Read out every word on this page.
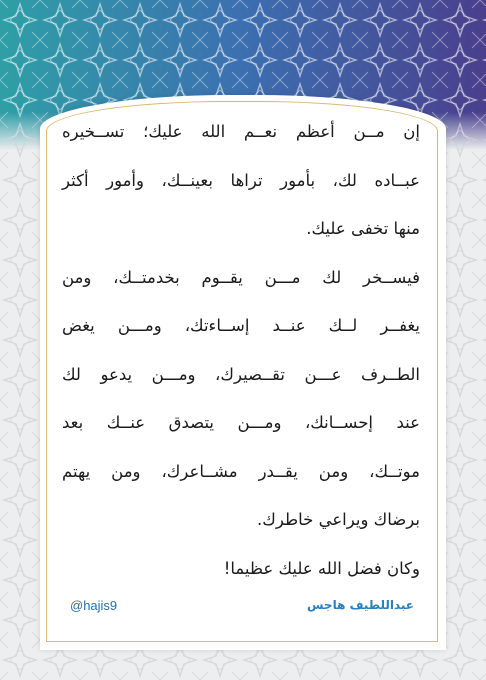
إن مــن أعظم نعــم الله عليك؛ تســخيره
عبــاده لك، بأمور تراها بعينــك، وأمور أكثر
منها تخفى عليك.
فيســخر لك مـــن يقــوم بخدمتــك، ومن
يغفــر لــك عنــد إســاءتك، ومـــن يغض
الطــرف عـــن تقــصيرك، ومـــن يدعو لك
عند إحســانك، ومـــن يتصدق عنــك بعد
موتــك، ومن يقــدر مشــاعرك، ومن يهتم
برضاك ويراعي خاطرك.
وكان فضل الله عليك عظيما!
@hajis9	عبداللطيف هاجس
